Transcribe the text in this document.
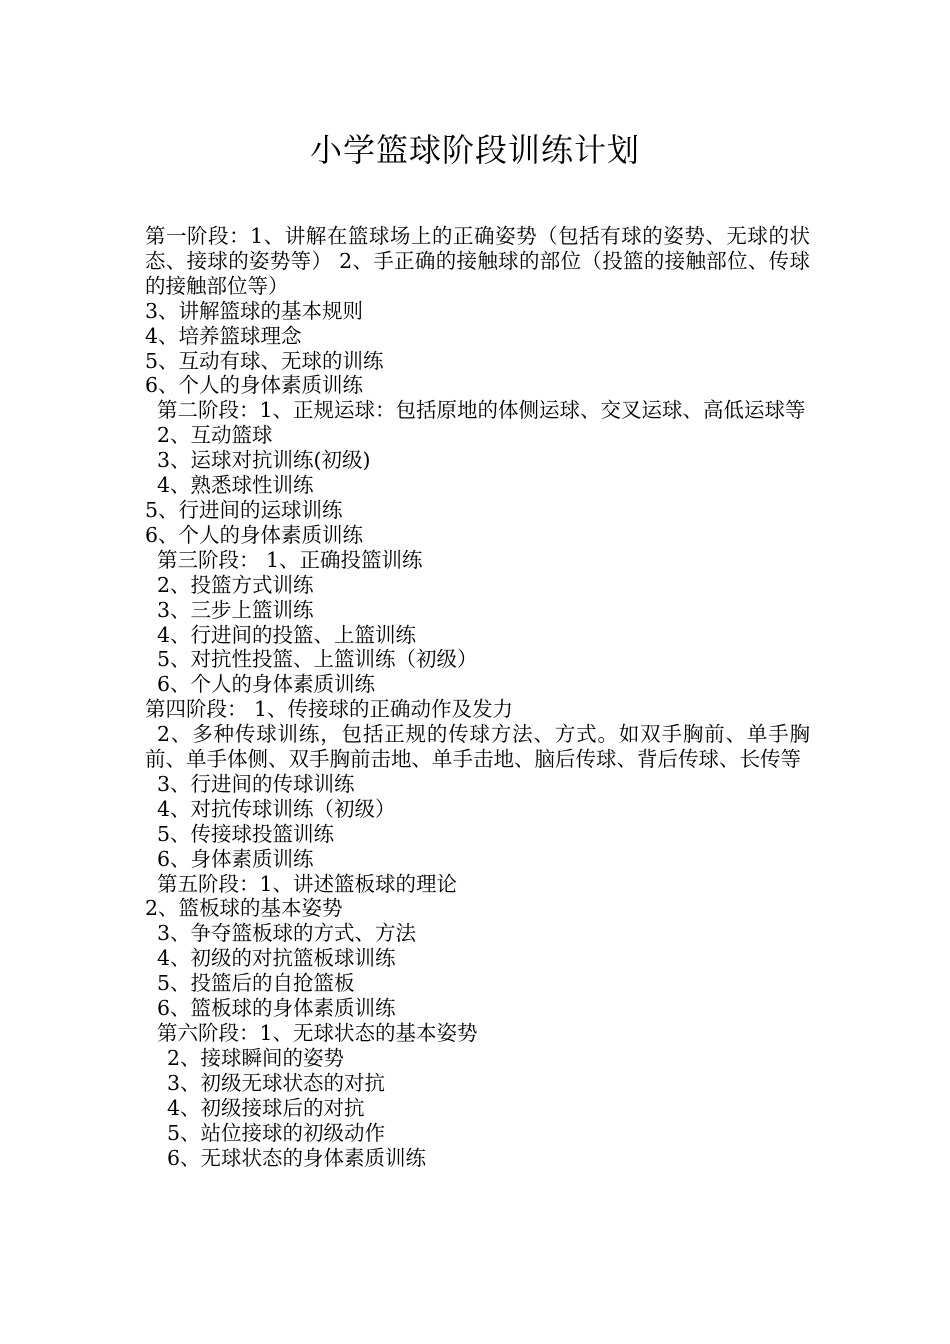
小学篮球阶段训练计划
第一阶段：1、讲解在篮球场上的正确姿势（包括有球的姿势、无球的状态、接球的姿势等） 2、手正确的接触球的部位（投篮的接触部位、传球的接触部位等）
3、讲解篮球的基本规则
4、培养篮球理念
5、互动有球、无球的训练
6、个人的身体素质训练
第二阶段：1、正规运球：包括原地的体侧运球、交叉运球、高低运球等
2、互动篮球
3、运球对抗训练(初级)
4、熟悉球性训练
5、行进间的运球训练
6、个人的身体素质训练
第三阶段： 1、正确投篮训练
2、投篮方式训练
3、三步上篮训练
4、行进间的投篮、上篮训练
5、对抗性投篮、上篮训练（初级）
6、个人的身体素质训练
第四阶段： 1、传接球的正确动作及发力
2、多种传球训练，包括正规的传球方法、方式。如双手胸前、单手胸前、单手体侧、双手胸前击地、单手击地、脑后传球、背后传球、长传等
3、行进间的传球训练
4、对抗传球训练（初级）
5、传接球投篮训练
6、身体素质训练
第五阶段：1、讲述篮板球的理论
2、篮板球的基本姿势
3、争夺篮板球的方式、方法
4、初级的对抗篮板球训练
5、投篮后的自抢篮板
6、篮板球的身体素质训练
第六阶段：1、无球状态的基本姿势
2、接球瞬间的姿势
3、初级无球状态的对抗
4、初级接球后的对抗
5、站位接球的初级动作
6、无球状态的身体素质训练
